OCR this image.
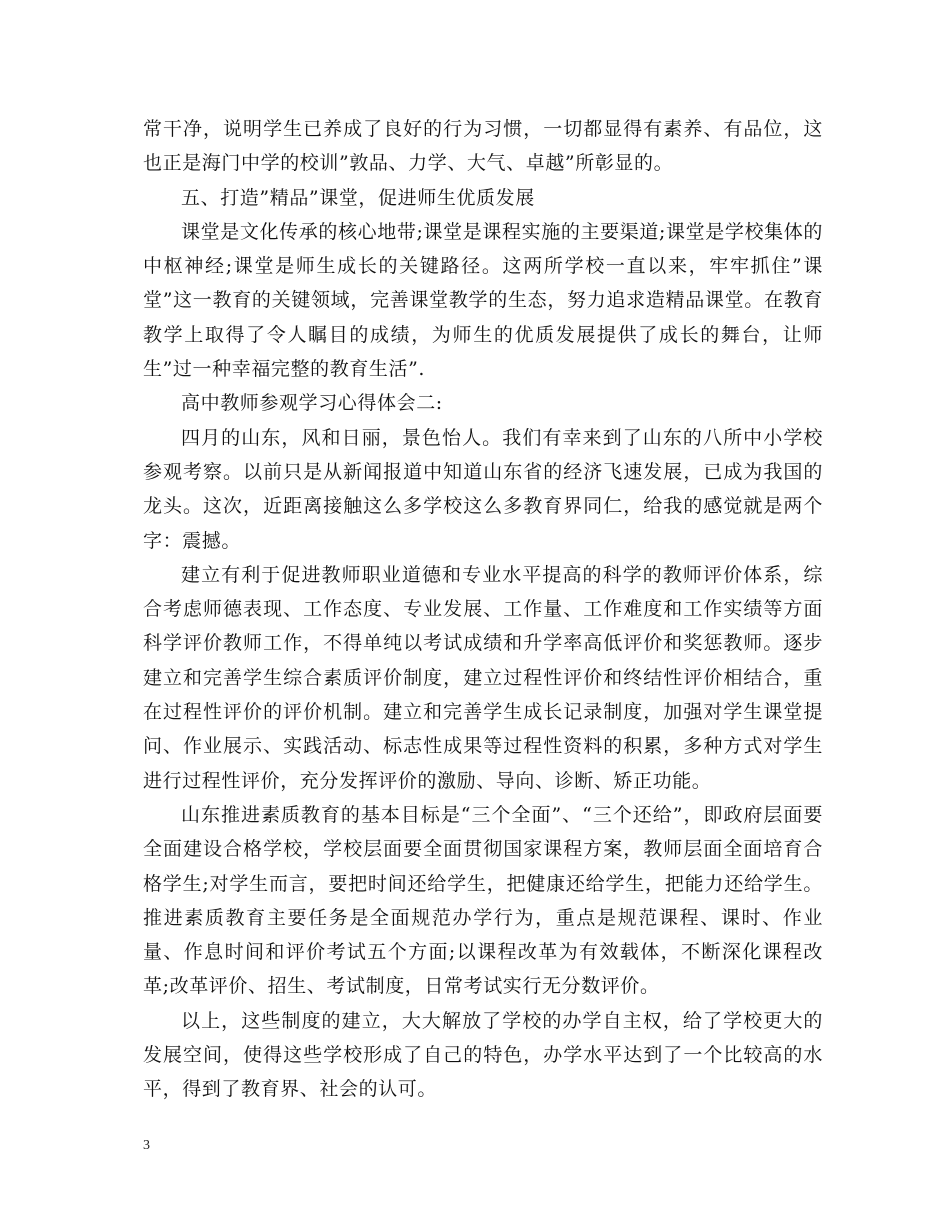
常干净，说明学生已养成了良好的行为习惯，一切都显得有素养、有品位，这也正是海门中学的校训”敦品、力学、大气、卓越”所彰显的。

五、打造”精品”课堂，促进师生优质发展

课堂是文化传承的核心地带;课堂是课程实施的主要渠道;课堂是学校集体的中枢神经;课堂是师生成长的关键路径。这两所学校一直以来，牢牢抓住”课堂”这一教育的关键领域，完善课堂教学的生态，努力追求造精品课堂。在教育教学上取得了令人瞩目的成绩，为师生的优质发展提供了成长的舞台，让师生”过一种幸福完整的教育生活”.

高中教师参观学习心得体会二:

四月的山东，风和日丽，景色怡人。我们有幸来到了山东的八所中小学校参观考察。以前只是从新闻报道中知道山东省的经济飞速发展，已成为我国的龙头。这次，近距离接触这么多学校这么多教育界同仁，给我的感觉就是两个字：震撼。

建立有利于促进教师职业道德和专业水平提高的科学的教师评价体系，综合考虑师德表现、工作态度、专业发展、工作量、工作难度和工作实绩等方面科学评价教师工作，不得单纯以考试成绩和升学率高低评价和奖惩教师。逐步建立和完善学生综合素质评价制度，建立过程性评价和终结性评价相结合，重在过程性评价的评价机制。建立和完善学生成长记录制度，加强对学生课堂提问、作业展示、实践活动、标志性成果等过程性资料的积累，多种方式对学生进行过程性评价，充分发挥评价的激励、导向、诊断、矫正功能。

山东推进素质教育的基本目标是“三个全面”、“三个还给”，即政府层面要全面建设合格学校，学校层面要全面贯彻国家课程方案，教师层面全面培育合格学生;对学生而言，要把时间还给学生，把健康还给学生，把能力还给学生。推进素质教育主要任务是全面规范办学行为，重点是规范课程、课时、作业量、作息时间和评价考试五个方面;以课程改革为有效载体，不断深化课程改革;改革评价、招生、考试制度，日常考试实行无分数评价。

以上，这些制度的建立，大大解放了学校的办学自主权，给了学校更大的发展空间，使得这些学校形成了自己的特色，办学水平达到了一个比较高的水平，得到了教育界、社会的认可。

3
